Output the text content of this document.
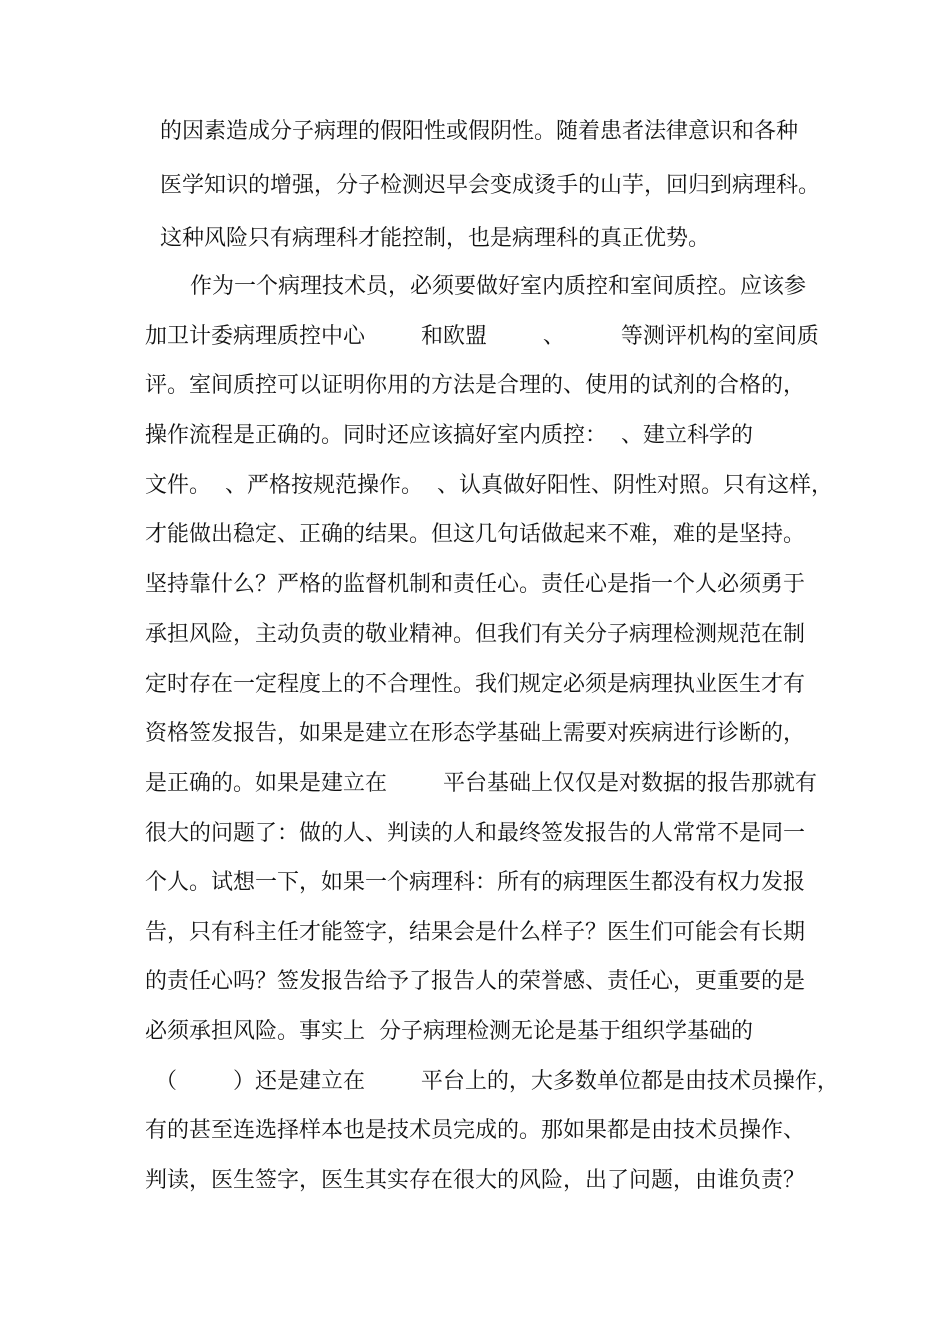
的因素造成分子病理的假阳性或假阴性。随着患者法律意识和各种
医学知识的增强，分子检测迟早会变成烫手的山芋，回归到病理科。
这种风险只有病理科才能控制，也是病理科的真正优势。
作为一个病理技术员，必须要做好室内质控和室间质控。应该参
加卫计委病理质控中心        和欧盟        、        等测评机构的室间质
评。室间质控可以证明你用的方法是合理的、使用的试剂的合格的，
操作流程是正确的。同时还应该搞好室内质控：  、建立科学的
文件。  、严格按规范操作。  、认真做好阳性、阴性对照。只有这样，
才能做出稳定、正确的结果。但这几句话做起来不难，难的是坚持。
坚持靠什么？严格的监督机制和责任心。责任心是指一个人必须勇于
承担风险，主动负责的敬业精神。但我们有关分子病理检测规范在制
定时存在一定程度上的不合理性。我们规定必须是病理执业医生才有
资格签发报告，如果是建立在形态学基础上需要对疾病进行诊断的，
是正确的。如果是建立在        平台基础上仅仅是对数据的报告那就有
很大的问题了：做的人、判读的人和最终签发报告的人常常不是同一
个人。试想一下，如果一个病理科：所有的病理医生都没有权力发报
告，只有科主任才能签字，结果会是什么样子？医生们可能会有长期
的责任心吗？签发报告给予了报告人的荣誉感、责任心，更重要的是
必须承担风险。事实上  分子病理检测无论是基于组织学基础的
（        ）还是建立在        平台上的，大多数单位都是由技术员操作，
有的甚至连选择样本也是技术员完成的。那如果都是由技术员操作、
判读，医生签字，医生其实存在很大的风险，出了问题，由谁负责？
